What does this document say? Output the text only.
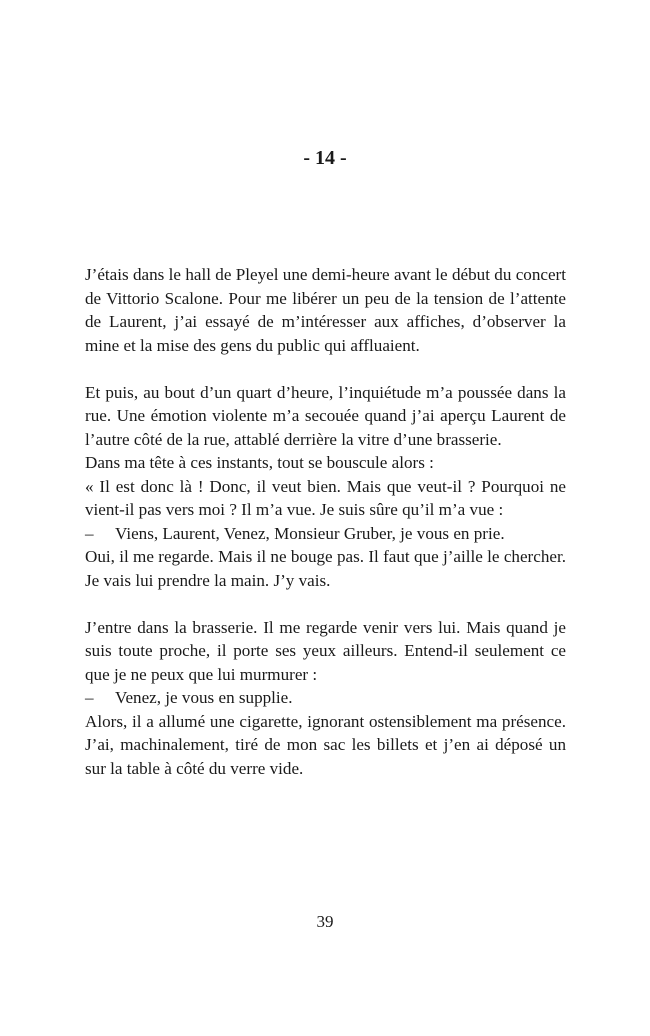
- 14 -

J’étais dans le hall de Pleyel une demi-heure avant le début du concert de Vittorio Scalone. Pour me libérer un peu de la tension de l’attente de Laurent, j’ai essayé de m’intéresser aux affiches, d’observer la mine et la mise des gens du public qui affluaient.

Et puis, au bout d’un quart d’heure, l’inquiétude m’a poussée dans la rue. Une émotion violente m’a secouée quand j’ai aperçu Laurent de l’autre côté de la rue, attablé derrière la vitre d’une brasserie.

Dans ma tête à ces instants, tout se bouscule alors :

« Il est donc là ! Donc, il veut bien. Mais que veut-il ? Pourquoi ne vient-il pas vers moi ? Il m’a vue. Je suis sûre qu’il m’a vue :

– Viens, Laurent, Venez, Monsieur Gruber, je vous en prie.

Oui, il me regarde. Mais il ne bouge pas. Il faut que j’aille le chercher. Je vais lui prendre la main. J’y vais.

J’entre dans la brasserie. Il me regarde venir vers lui. Mais quand je suis toute proche, il porte ses yeux ailleurs. Entend-il seulement ce que je ne peux que lui murmurer :

– Venez, je vous en supplie.

Alors, il a allumé une cigarette, ignorant ostensiblement ma présence. J’ai, machinalement, tiré de mon sac les billets et j’en ai déposé un sur la table à côté du verre vide.

39
